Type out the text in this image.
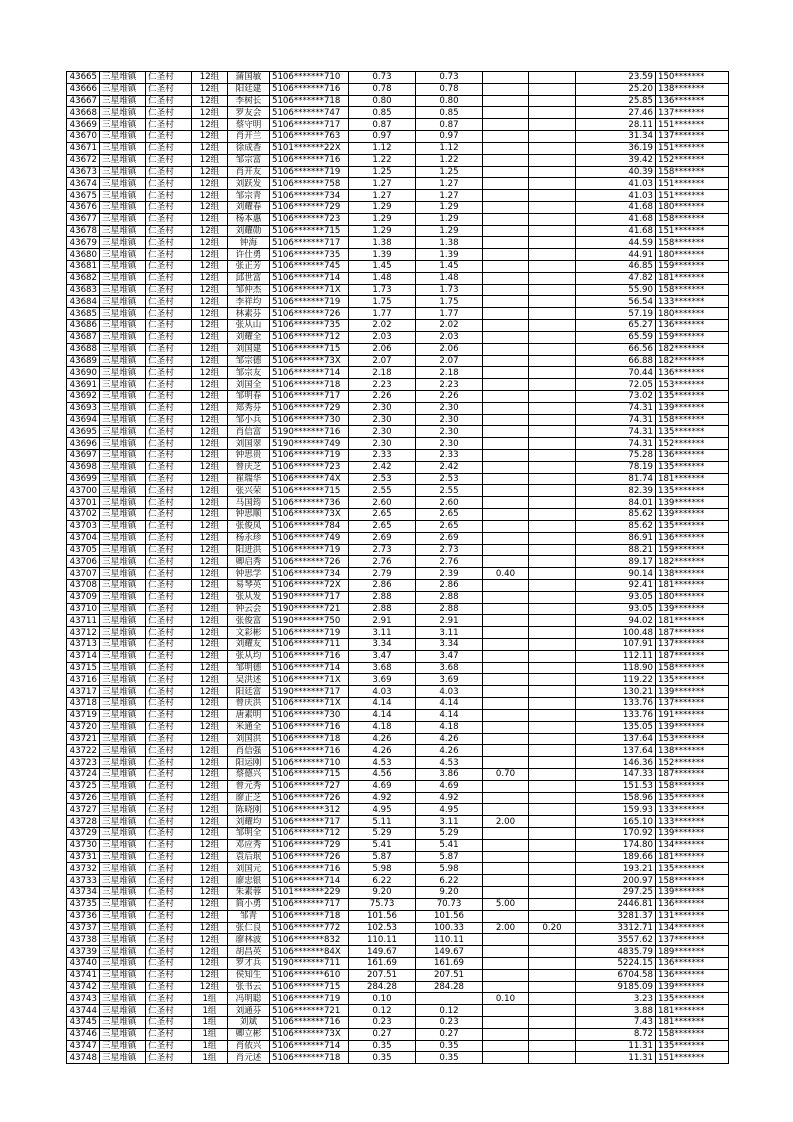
43665	三星堆镇	仁圣村	12组	蒲国敏	5106*******710	0.73	0.73			23.59	150*******
43666	三星堆镇	仁圣村	12组	阳廷建	5106*******716	0.78	0.78			25.20	138*******
43667	三星堆镇	仁圣村	12组	李树长	5106*******718	0.80	0.80			25.85	136*******
43668	三星堆镇	仁圣村	12组	罗友会	5106*******747	0.85	0.85			27.46	137*******
43669	三星堆镇	仁圣村	12组	蔡守明	5106*******717	0.87	0.87			28.11	151*******
43670	三星堆镇	仁圣村	12组	肖开兰	5106*******763	0.97	0.97			31.34	137*******
43671	三星堆镇	仁圣村	12组	徐成香	5101*******22X	1.12	1.12			36.19	151*******
43672	三星堆镇	仁圣村	12组	邹宗富	5106*******716	1.22	1.22			39.42	152*******
43673	三星堆镇	仁圣村	12组	肖开友	5106*******719	1.25	1.25			40.39	158*******
43674	三星堆镇	仁圣村	12组	刘跃发	5106*******758	1.27	1.27			41.03	151*******
43675	三星堆镇	仁圣村	12组	邹宗青	5106*******734	1.27	1.27			41.03	151*******
43676	三星堆镇	仁圣村	12组	刘耀春	5106*******729	1.29	1.29			41.68	180*******
43677	三星堆镇	仁圣村	12组	杨本惠	5106*******723	1.29	1.29			41.68	158*******
43678	三星堆镇	仁圣村	12组	刘耀勋	5106*******715	1.29	1.29			41.68	151*******
43679	三星堆镇	仁圣村	12组	钟海	5106*******717	1.38	1.38			44.59	158*******
43680	三星堆镇	仁圣村	12组	许仕勇	5106*******735	1.39	1.39			44.91	180*******
43681	三星堆镇	仁圣村	12组	张正芳	5106*******745	1.45	1.45			46.85	159*******
43682	三星堆镇	仁圣村	12组	邱世富	5106*******714	1.48	1.48			47.82	181*******
43683	三星堆镇	仁圣村	12组	邹仲杰	5106*******71X	1.73	1.73			55.90	158*******
43684	三星堆镇	仁圣村	12组	李祥均	5106*******719	1.75	1.75			56.54	133*******
43685	三星堆镇	仁圣村	12组	林素芬	5106*******726	1.77	1.77			57.19	180*******
43686	三星堆镇	仁圣村	12组	张从山	5106*******735	2.02	2.02			65.27	136*******
43687	三星堆镇	仁圣村	12组	刘耀全	5106*******712	2.03	2.03			65.59	159*******
43688	三星堆镇	仁圣村	12组	刘国建	5106*******715	2.06	2.06			66.56	182*******
43689	三星堆镇	仁圣村	12组	邹宗德	5106*******73X	2.07	2.07			66.88	182*******
43690	三星堆镇	仁圣村	12组	邹宗友	5106*******714	2.18	2.18			70.44	136*******
43691	三星堆镇	仁圣村	12组	刘国全	5106*******718	2.23	2.23			72.05	153*******
43692	三星堆镇	仁圣村	12组	邹明春	5106*******717	2.26	2.26			73.02	135*******
43693	三星堆镇	仁圣村	12组	郑秀芬	5106*******729	2.30	2.30			74.31	139*******
43694	三星堆镇	仁圣村	12组	邹小兵	5106*******730	2.30	2.30			74.31	158*******
43695	三星堆镇	仁圣村	12组	肖信富	5190*******716	2.30	2.30			74.31	135*******
43696	三星堆镇	仁圣村	12组	刘国翠	5190*******749	2.30	2.30			74.31	152*******
43697	三星堆镇	仁圣村	12组	钟思贵	5106*******719	2.33	2.33			75.28	136*******
43698	三星堆镇	仁圣村	12组	曾庆芝	5106*******723	2.42	2.42			78.19	135*******
43699	三星堆镇	仁圣村	12组	崔瑞华	5106*******74X	2.53	2.53			81.74	181*******
43700	三星堆镇	仁圣村	12组	张兴荣	5106*******715	2.55	2.55			82.39	135*******
43701	三星堆镇	仁圣村	12组	马国筠	5106*******736	2.60	2.60			84.01	139*******
43702	三星堆镇	仁圣村	12组	钟思顺	5106*******73X	2.65	2.65			85.62	139*******
43703	三星堆镇	仁圣村	12组	张俊凤	5106*******784	2.65	2.65			85.62	135*******
43704	三星堆镇	仁圣村	12组	杨永珍	5106*******749	2.69	2.69			86.91	136*******
43705	三星堆镇	仁圣村	12组	阳进洪	5106*******719	2.73	2.73			88.21	159*******
43706	三星堆镇	仁圣村	12组	卿启秀	5106*******726	2.76	2.76			89.17	182*******
43707	三星堆镇	仁圣村	12组	钟思学	5106*******734	2.79	2.39	0.40		90.14	138*******
43708	三星堆镇	仁圣村	12组	易琴英	5106*******72X	2.86	2.86			92.41	181*******
43709	三星堆镇	仁圣村	12组	张从发	5190*******717	2.88	2.88			93.05	180*******
43710	三星堆镇	仁圣村	12组	钟云会	5190*******721	2.88	2.88			93.05	139*******
43711	三星堆镇	仁圣村	12组	张俊富	5190*******750	2.91	2.91			94.02	181*******
43712	三星堆镇	仁圣村	12组	文彩彬	5106*******719	3.11	3.11			100.48	187*******
43713	三星堆镇	仁圣村	12组	刘耀友	5106*******711	3.34	3.34			107.91	137*******
43714	三星堆镇	仁圣村	12组	张从均	5106*******716	3.47	3.47			112.11	187*******
43715	三星堆镇	仁圣村	12组	邹明德	5106*******714	3.68	3.68			118.90	158*******
43716	三星堆镇	仁圣村	12组	吴洪述	5106*******71X	3.69	3.69			119.22	135*******
43717	三星堆镇	仁圣村	12组	阳廷富	5190*******717	4.03	4.03			130.21	139*******
43718	三星堆镇	仁圣村	12组	曾庆洪	5106*******71X	4.14	4.14			133.76	137*******
43719	三星堆镇	仁圣村	12组	唐素明	5106*******730	4.14	4.14			133.76	191*******
43720	三星堆镇	仁圣村	12组	米通全	5106*******716	4.18	4.18			135.05	139*******
43721	三星堆镇	仁圣村	12组	刘国洪	5106*******718	4.26	4.26			137.64	153*******
43722	三星堆镇	仁圣村	12组	肖信强	5106*******716	4.26	4.26			137.64	138*******
43723	三星堆镇	仁圣村	12组	阳运刚	5106*******710	4.53	4.53			146.36	152*******
43724	三星堆镇	仁圣村	12组	蔡德兴	5106*******715	4.56	3.86	0.70		147.33	187*******
43725	三星堆镇	仁圣村	12组	曾元秀	5106*******727	4.69	4.69			151.53	158*******
43726	三星堆镇	仁圣村	12组	廖正芝	5106*******726	4.92	4.92			158.96	135*******
43727	三星堆镇	仁圣村	12组	陈晓刚	5106*******312	4.95	4.95			159.93	133*******
43728	三星堆镇	仁圣村	12组	刘耀均	5106*******717	5.11	3.11	2.00		165.10	133*******
43729	三星堆镇	仁圣村	12组	邹明全	5106*******712	5.29	5.29			170.92	139*******
43730	三星堆镇	仁圣村	12组	邓应秀	5106*******729	5.41	5.41			174.80	134*******
43731	三星堆镇	仁圣村	12组	袁后珉	5106*******726	5.87	5.87			189.66	181*******
43732	三星堆镇	仁圣村	12组	刘国元	5106*******716	5.98	5.98			193.21	135*******
43733	三星堆镇	仁圣村	12组	廖忠银	5106*******714	6.22	6.22			200.97	158*******
43734	三星堆镇	仁圣村	12组	朱素蓉	5101*******229	9.20	9.20			297.25	139*******
43735	三星堆镇	仁圣村	12组	简小勇	5106*******717	75.73	70.73	5.00		2446.81	136*******
43736	三星堆镇	仁圣村	12组	邹青	5106*******718	101.56	101.56			3281.37	131*******
43737	三星堆镇	仁圣村	12组	张仁良	5106*******772	102.53	100.33	2.00	0.20	3312.71	134*******
43738	三星堆镇	仁圣村	12组	廖林波	5106*******832	110.11	110.11			3557.62	137*******
43739	三星堆镇	仁圣村	12组	胡昌英	5106*******84X	149.67	149.67			4835.79	189*******
43740	三星堆镇	仁圣村	12组	罗才兵	5190*******711	161.69	161.69			5224.15	136*******
43741	三星堆镇	仁圣村	12组	侯知生	5106*******610	207.51	207.51			6704.58	136*******
43742	三星堆镇	仁圣村	12组	张书云	5106*******715	284.28	284.28			9185.09	139*******
43743	三星堆镇	仁圣村	1组	冯明聪	5106*******719	0.10		0.10		3.23	135*******
43744	三星堆镇	仁圣村	1组	刘通芬	5106*******721	0.12	0.12			3.88	181*******
43745	三星堆镇	仁圣村	1组	刘斌	5106*******716	0.23	0.23			7.43	181*******
43746	三星堆镇	仁圣村	1组	卿立彬	5106*******73X	0.27	0.27			8.72	158*******
43747	三星堆镇	仁圣村	1组	肖依兴	5106*******714	0.35	0.35			11.31	135*******
43748	三星堆镇	仁圣村	1组	肖元述	5106*******718	0.35	0.35			11.31	151*******
